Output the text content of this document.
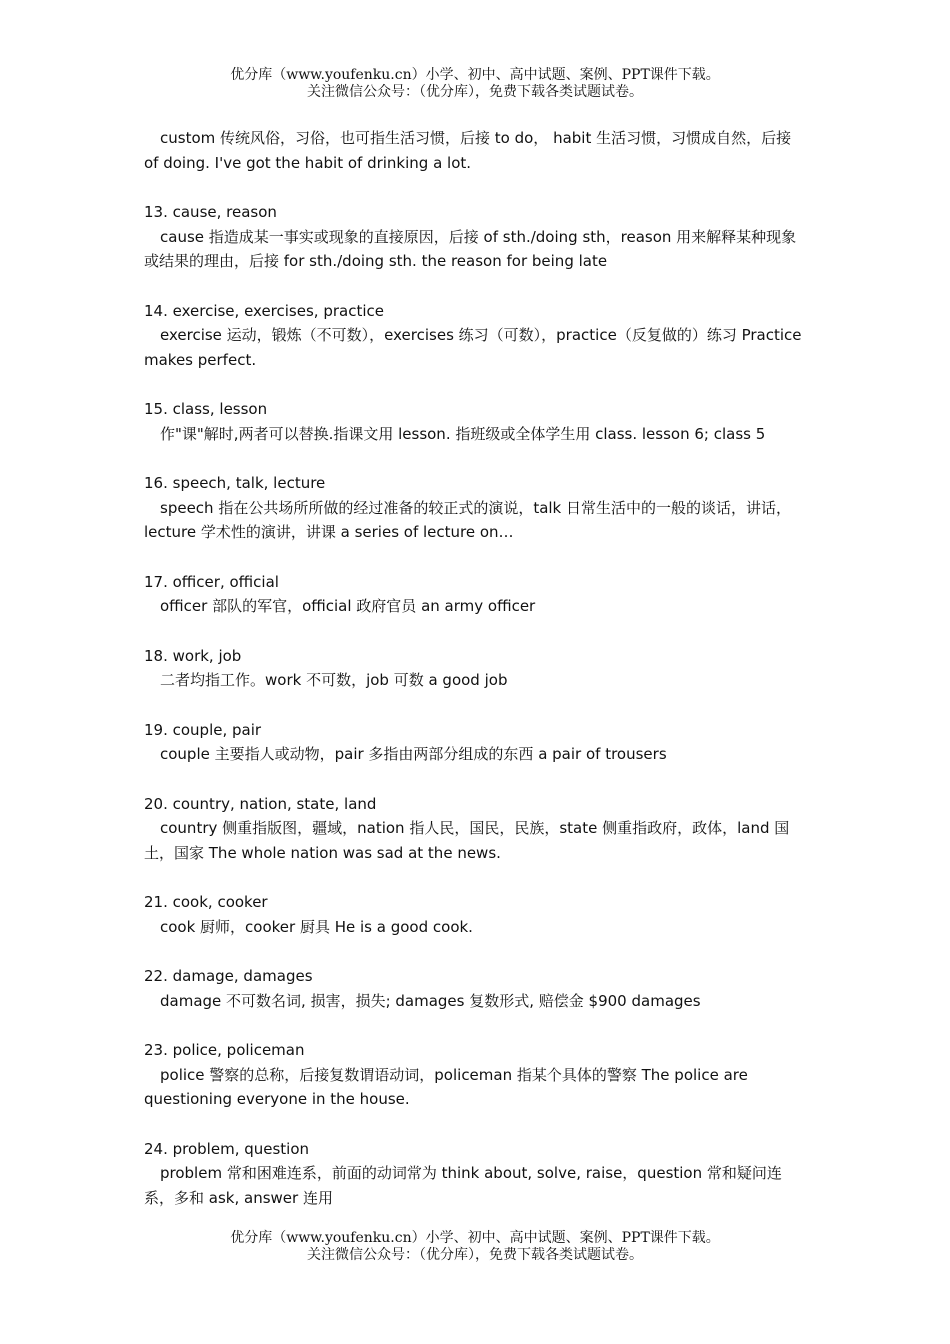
优分库（www.youfenku.cn）小学、初中、高中试题、案例、PPT课件下载。
关注微信公众号：（优分库），免费下载各类试题试卷。

custom 传统风俗，习俗，也可指生活习惯，后接 to do， habit 生活习惯，习惯成自然，后接 of doing. I've got the habit of drinking a lot.

13. cause, reason

cause 指造成某一事实或现象的直接原因，后接 of sth./doing sth，reason 用来解释某种现象或结果的理由，后接 for sth./doing sth. the reason for being late

14. exercise, exercises, practice

exercise 运动，锻炼（不可数），exercises 练习（可数），practice（反复做的）练习 Practice makes perfect.

15. class, lesson

作"课"解时,两者可以替换.指课文用 lesson. 指班级或全体学生用 class. lesson 6; class 5

16. speech, talk, lecture

speech 指在公共场所所做的经过准备的较正式的演说，talk 日常生活中的一般的谈话，讲话，lecture 学术性的演讲，讲课 a series of lecture on…

17. officer, official

officer 部队的军官，official 政府官员 an army officer

18. work, job

二者均指工作。work 不可数，job 可数 a good job

19. couple, pair

couple 主要指人或动物，pair 多指由两部分组成的东西 a pair of trousers

20. country, nation, state, land

country 侧重指版图，疆域，nation 指人民，国民，民族，state 侧重指政府，政体，land 国土，国家 The whole nation was sad at the news.

21. cook, cooker

cook 厨师，cooker 厨具 He is a good cook.

22. damage, damages

damage 不可数名词, 损害，损失; damages 复数形式, 赔偿金 $900 damages

23. police, policeman

police 警察的总称，后接复数谓语动词，policeman 指某个具体的警察 The police are questioning everyone in the house.

24. problem, question

problem 常和困难连系，前面的动词常为 think about, solve, raise，question 常和疑问连系，多和 ask, answer 连用

优分库（www.youfenku.cn）小学、初中、高中试题、案例、PPT课件下载。
关注微信公众号：（优分库），免费下载各类试题试卷。
